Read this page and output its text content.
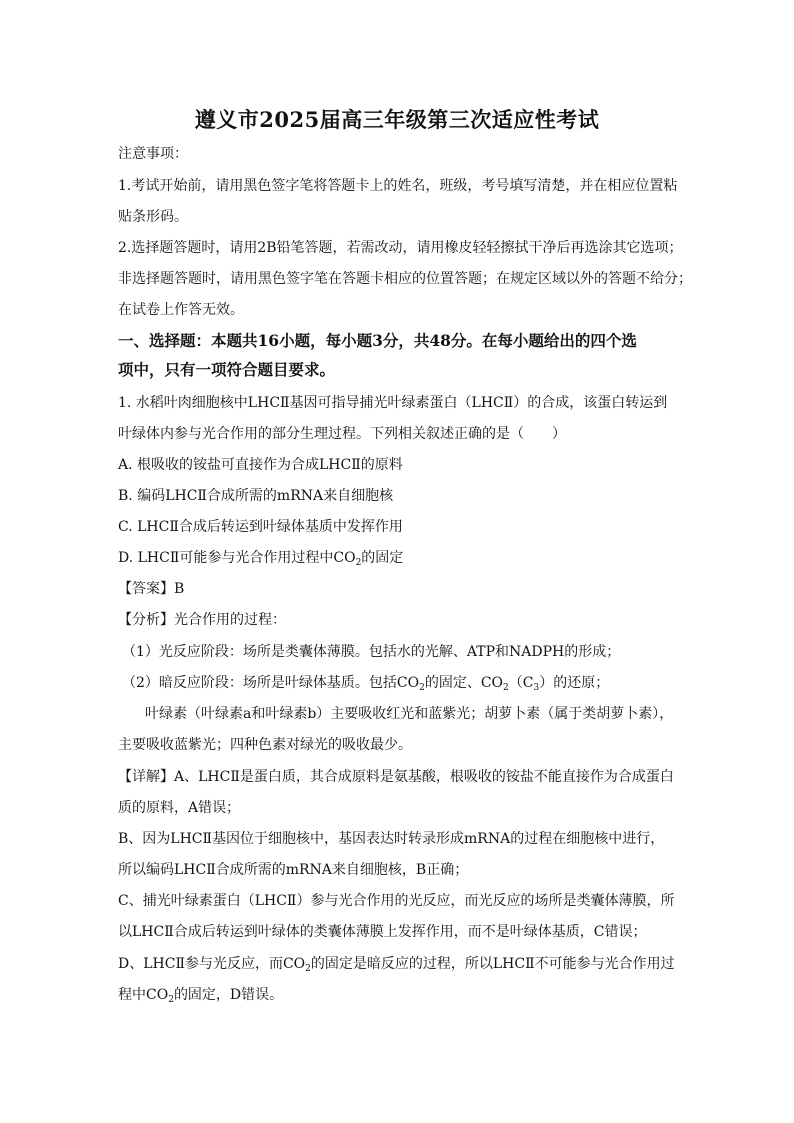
遵义市2025届高三年级第三次适应性考试
注意事项：
1.考试开始前，请用黑色签字笔将答题卡上的姓名，班级，考号填写清楚，并在相应位置粘
贴条形码。
2.选择题答题时，请用2B铅笔答题，若需改动，请用橡皮轻轻擦拭干净后再选涂其它选项；
非选择题答题时，请用黑色签字笔在答题卡相应的位置答题；在规定区域以外的答题不给分；
在试卷上作答无效。
一、选择题：本题共16小题，每小题3分，共48分。在每小题给出的四个选
项中，只有一项符合题目要求。
1. 水稻叶肉细胞核中LHCⅡ基因可指导捕光叶绿素蛋白（LHCⅡ）的合成，该蛋白转运到
叶绿体内参与光合作用的部分生理过程。下列相关叙述正确的是（　　）
A. 根吸收的铵盐可直接作为合成LHCⅡ的原料
B. 编码LHCⅡ合成所需的mRNA来自细胞核
C. LHCⅡ合成后转运到叶绿体基质中发挥作用
D. LHCⅡ可能参与光合作用过程中$CO_2$的固定
【答案】B
【分析】光合作用的过程：
（1）光反应阶段：场所是类囊体薄膜。包括水的光解、ATP和NADPH的形成；
（2）暗反应阶段：场所是叶绿体基质。包括$CO_2$的固定、$CO_2(C_3)$的还原；
叶绿素（叶绿素a和叶绿素b）主要吸收红光和蓝紫光；胡萝卜素（属于类胡萝卜素），
主要吸收蓝紫光；四种色素对绿光的吸收最少。
【详解】A、LHCⅡ是蛋白质，其合成原料是氨基酸，根吸收的铵盐不能直接作为合成蛋白
质的原料，A错误；
B、因为LHCⅡ基因位于细胞核中，基因表达时转录形成mRNA的过程在细胞核中进行，
所以编码LHCⅡ合成所需的mRNA来自细胞核，B正确；
C、捕光叶绿素蛋白（LHCⅡ）参与光合作用的光反应，而光反应的场所是类囊体薄膜，所
以LHCⅡ合成后转运到叶绿体的类囊体薄膜上发挥作用，而不是叶绿体基质，C错误；
D、LHCⅡ参与光反应，而$CO_2$的固定是暗反应的过程，所以LHCⅡ不可能参与光合作用过
程中$CO_2$的固定，D错误。
